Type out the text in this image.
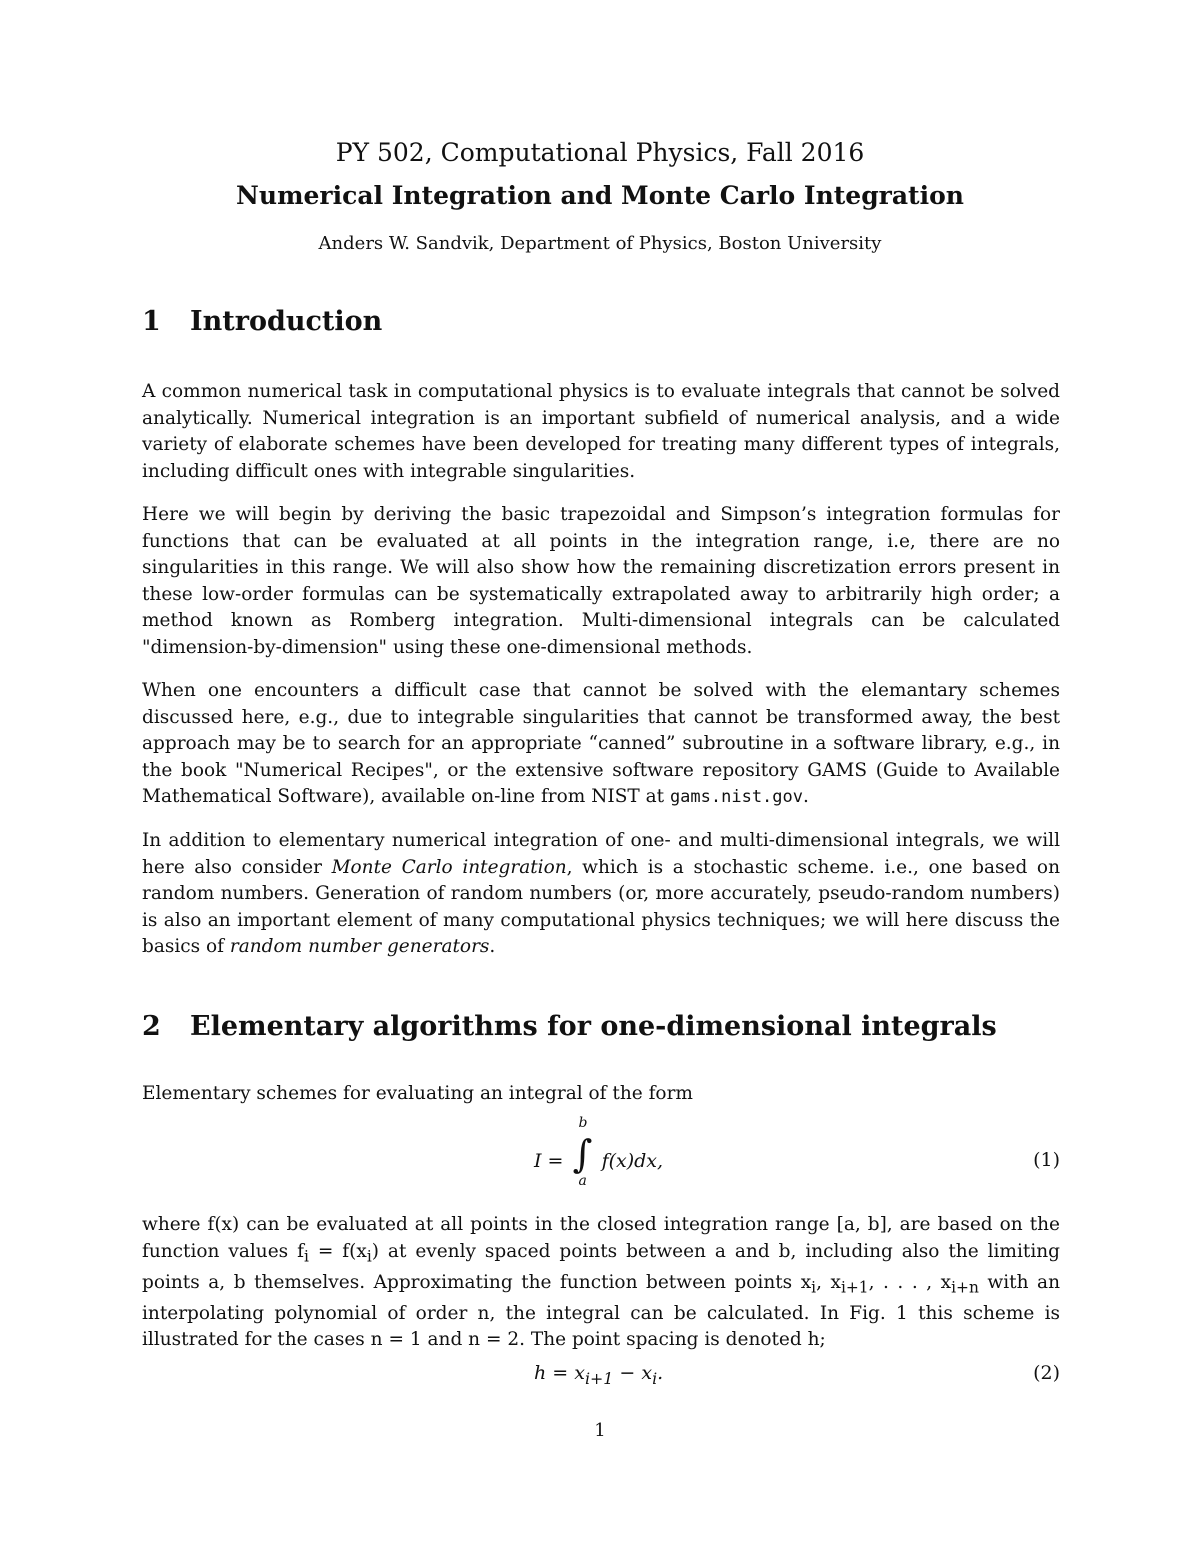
PY 502, Computational Physics, Fall 2016
Numerical Integration and Monte Carlo Integration
Anders W. Sandvik, Department of Physics, Boston University
1 Introduction

A common numerical task in computational physics is to evaluate integrals that cannot be solved analytically. Numerical integration is an important subfield of numerical analysis, and a wide variety of elaborate schemes have been developed for treating many different types of integrals, including difficult ones with integrable singularities.

Here we will begin by deriving the basic trapezoidal and Simpson’s integration formulas for functions that can be evaluated at all points in the integration range, i.e, there are no singularities in this range. We will also show how the remaining discretization errors present in these low-order formulas can be systematically extrapolated away to arbitrarily high order; a method known as Romberg integration. Multi-dimensional integrals can be calculated "dimension-by-dimension" using these one-dimensional methods.

When one encounters a difficult case that cannot be solved with the elemantary schemes discussed here, e.g., due to integrable singularities that cannot be transformed away, the best approach may be to search for an appropriate “canned” subroutine in a software library, e.g., in the book "Numerical Recipes", or the extensive software repository GAMS (Guide to Available Mathematical Software), available on-line from NIST at gams.nist.gov.

In addition to elementary numerical integration of one- and multi-dimensional integrals, we will here also consider Monte Carlo integration, which is a stochastic scheme. i.e., one based on random numbers. Generation of random numbers (or, more accurately, pseudo-random numbers) is also an important element of many computational physics techniques; we will here discuss the basics of random number generators.

2 Elementary algorithms for one-dimensional integrals

Elementary schemes for evaluating an integral of the form

I =
b
∫
a
f(x)dx,	(1)

where f(x) can be evaluated at all points in the closed integration range [a, b], are based on the function values $f_i = f(x_i)$ at evenly spaced points between a and b, including also the limiting points a, b themselves. Approximating the function between points $x_i$, $x_{i+1}$, . . . , $x_{i+n}$ with an interpolating polynomial of order n, the integral can be calculated. In Fig. 1 this scheme is illustrated for the cases n = 1 and n = 2. The point spacing is denoted h;

$h = x_{i+1} - x_i$.	(2)
1
